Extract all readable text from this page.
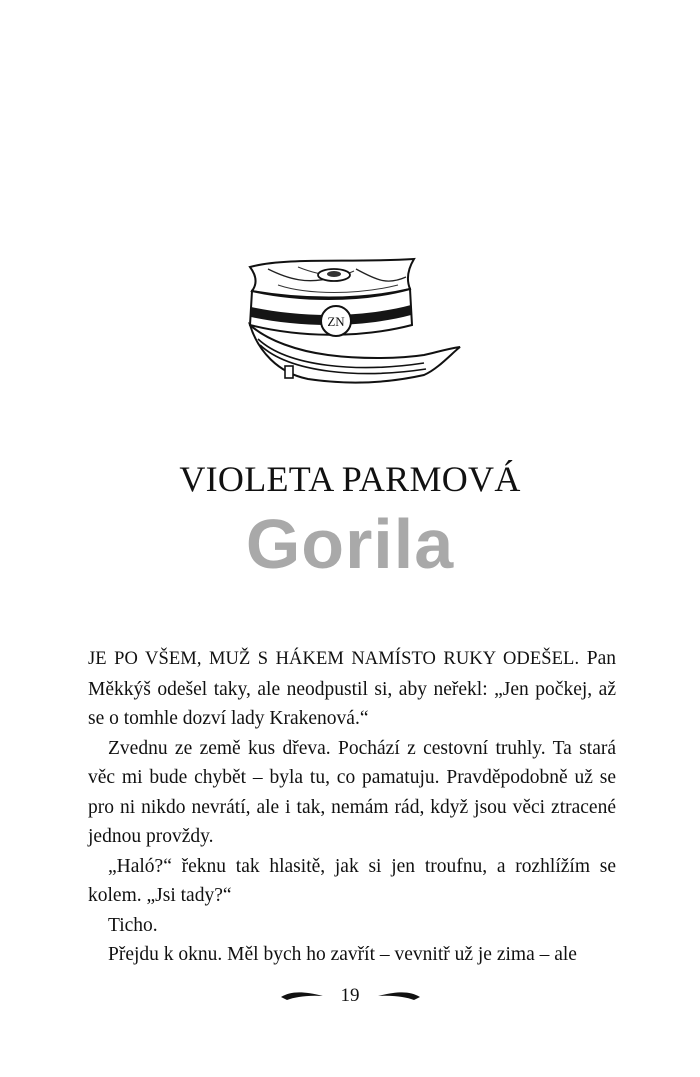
ZN
VIOLETA PARMOVÁ
Gorila

JE PO VŠEM, MUŽ S HÁKEM NAMÍSTO RUKY ODEŠEL. Pan Měkkýš odešel taky, ale neodpustil si, aby neřekl: „Jen počkej, až se o tomhle dozví lady Krakenová.“

Zvednu ze země kus dřeva. Pochází z cestovní truhly. Ta stará věc mi bude chybět – byla tu, co pamatuju. Pravděpodobně už se pro ni nikdo nevrátí, ale i tak, nemám rád, když jsou věci ztracené jednou provždy.

„Haló?“ řeknu tak hlasitě, jak si jen troufnu, a rozhlížím se kolem. „Jsi tady?“

Ticho.

Přejdu k oknu. Měl bych ho zavřít – vevnitř už je zima – ale

19
